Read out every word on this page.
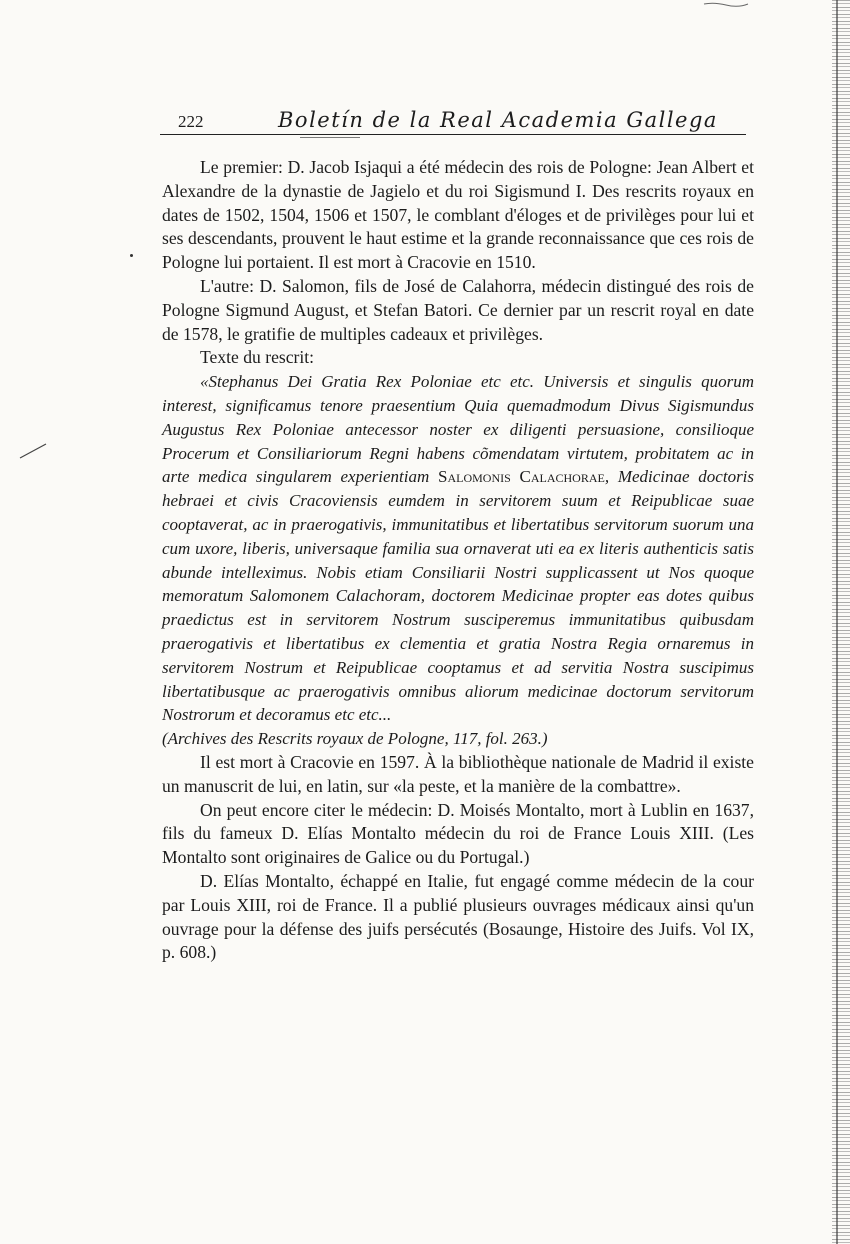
222	Boletín de la Real Academia Gallega

Le premier: D. Jacob Isjaqui a été médecin des rois de Pologne: Jean Albert et Alexandre de la dynastie de Jagielo et du roi Sigismund I. Des rescrits royaux en dates de 1502, 1504, 1506 et 1507, le comblant d'éloges et de privilèges pour lui et ses descendants, prouvent le haut estime et la grande reconnaissance que ces rois de Pologne lui portaient. Il est mort à Cracovie en 1510.

L'autre: D. Salomon, fils de José de Calahorra, médecin distingué des rois de Pologne Sigmund August, et Stefan Batori. Ce dernier par un rescrit royal en date de 1578, le gratifie de multiples cadeaux et privilèges.

Texte du rescrit:

«Stephanus Dei Gratia Rex Poloniae etc etc. Universis et singulis quorum interest, significamus tenore praesentium Quia quemadmodum Divus Sigismundus Augustus Rex Poloniae antecessor noster ex diligenti persuasione, consilioque Procerum et Consiliariorum Regni habens cõmendatam virtutem, probitatem ac in arte medica singularem experientiam Salomonis Calachorae, Medicinae doctoris hebraei et civis Cracoviensis eumdem in servitorem suum et Reipublicae suae cooptaverat, ac in praerogativis, immunitatibus et libertatibus servitorum suorum una cum uxore, liberis, universaque familia sua ornaverat uti ea ex literis authenticis satis abunde intelleximus. Nobis etiam Consiliarii Nostri supplicassent ut Nos quoque memoratum Salomonem Calachoram, doctorem Medicinae propter eas dotes quibus praedictus est in servitorem Nostrum susciperemus immunitatibus quibusdam praerogativis et libertatibus ex clementia et gratia Nostra Regia ornaremus in servitorem Nostrum et Reipublicae cooptamus et ad servitia Nostra suscipimus libertatibusque ac praerogativis omnibus aliorum medicinae doctorum servitorum Nostrorum et decoramus etc etc...

(Archives des Rescrits royaux de Pologne, 117, fol. 263.)

Il est mort à Cracovie en 1597. À la bibliothèque nationale de Madrid il existe un manuscrit de lui, en latin, sur «la peste, et la manière de la combattre».

On peut encore citer le médecin: D. Moisés Montalto, mort à Lublin en 1637, fils du fameux D. Elías Montalto médecin du roi de France Louis XIII. (Les Montalto sont originaires de Galice ou du Portugal.)

D. Elías Montalto, échappé en Italie, fut engagé comme médecin de la cour par Louis XIII, roi de France. Il a publié plusieurs ouvrages médicaux ainsi qu'un ouvrage pour la défense des juifs persécutés (Bosaunge, Histoire des Juifs. Vol IX, p. 608.)
